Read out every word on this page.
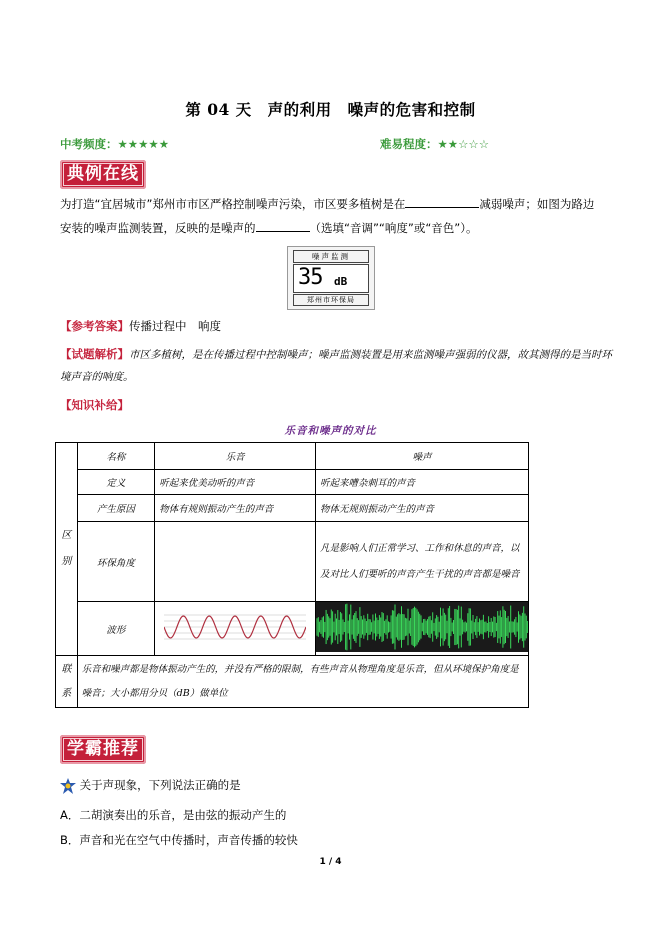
第 04 天　声的利用　噪声的危害和控制
中考频度：★★★★★	难易程度：★★☆☆☆
典例在线
为打造“宜居城市”郑州市市区严格控制噪声污染，市区要多植树是在	减弱噪声；如图为路边
安装的噪声监测装置，反映的是噪声的	（选填“音调”“响度”或“音色”）。
噪声监测
35 dB
郑州市环保局
【参考答案】传播过程中　响度
【试题解析】市区多植树，是在传播过程中控制噪声；噪声监测装置是用来监测噪声强弱的仪器，故其测得的是当时环境声音的响度。
【知识补给】
乐音和噪声的对比
区
别	名称	乐音	噪声
	定义	听起来优美动听的声音	听起来嘈杂刺耳的声音
	产生原因	物体有规则振动产生的声音	物体无规则振动产生的声音
	环保角度		凡是影响人们正常学习、工作和休息的声音，以及对比人们要听的声音产生干扰的声音都是噪音
	波形		

联
系	乐音和噪声都是物体振动产生的，并没有严格的限制，有些声音从物理角度是乐音，但从环境保护角度是噪音；大小都用分贝（dB）做单位		
学霸推荐
关于声现象，下列说法正确的是
A．二胡演奏出的乐音，是由弦的振动产生的
B．声音和光在空气中传播时，声音传播的较快
1 / 4
